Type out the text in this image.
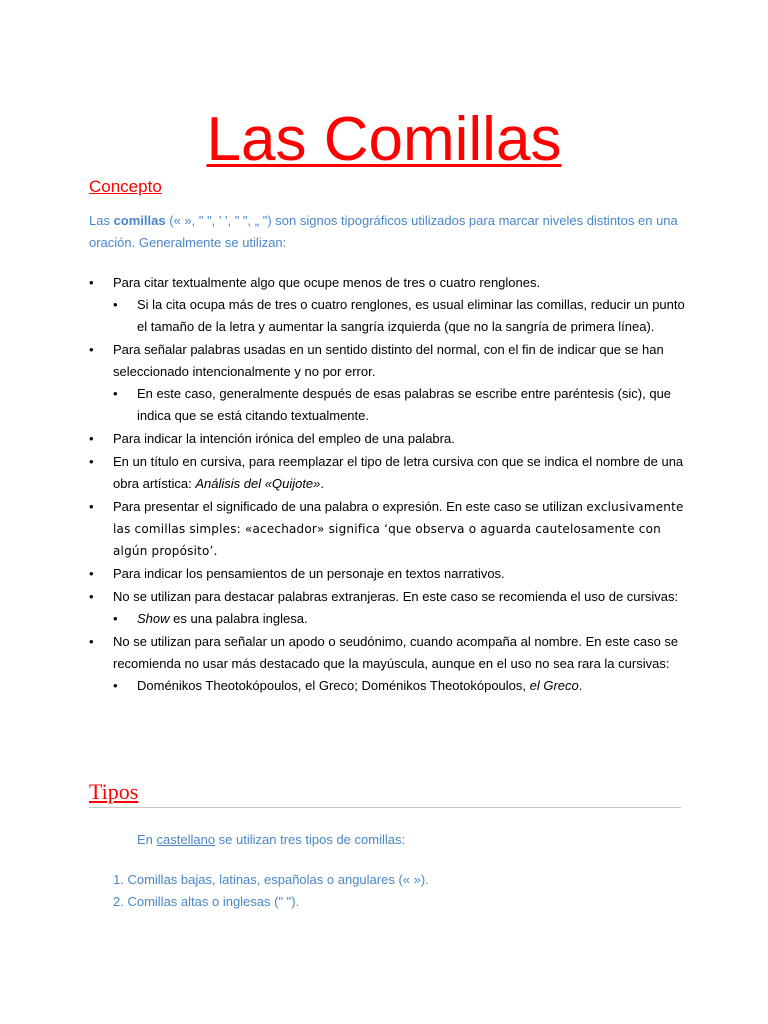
Las Comillas
Concepto
Las comillas (« », " ", ' ', " ", „ ") son signos tipográficos utilizados para marcar niveles distintos en una oración. Generalmente se utilizan:
• Para citar textualmente algo que ocupe menos de tres o cuatro renglones.
• Si la cita ocupa más de tres o cuatro renglones, es usual eliminar las comillas, reducir un punto el tamaño de la letra y aumentar la sangría izquierda (que no la sangría de primera línea).
• Para señalar palabras usadas en un sentido distinto del normal, con el fin de indicar que se han seleccionado intencionalmente y no por error.
• En este caso, generalmente después de esas palabras se escribe entre paréntesis (sic), que indica que se está citando textualmente.
• Para indicar la intención irónica del empleo de una palabra.
• En un título en cursiva, para reemplazar el tipo de letra cursiva con que se indica el nombre de una obra artística: Análisis del «Quijote».
• Para presentar el significado de una palabra o expresión. En este caso se utilizan exclusivamente las comillas simples: «acechador» significa ‘que observa o aguarda cautelosamente con algún propósito’.
• Para indicar los pensamientos de un personaje en textos narrativos.
• No se utilizan para destacar palabras extranjeras. En este caso se recomienda el uso de cursivas:
• Show es una palabra inglesa.
• No se utilizan para señalar un apodo o seudónimo, cuando acompaña al nombre. En este caso se recomienda no usar más destacado que la mayúscula, aunque en el uso no sea rara la cursivas:
• Doménikos Theotokópoulos, el Greco; Doménikos Theotokópoulos, el Greco.
Tipos
En castellano se utilizan tres tipos de comillas:
1. Comillas bajas, latinas, españolas o angulares (« »).
2. Comillas altas o inglesas (" ").
